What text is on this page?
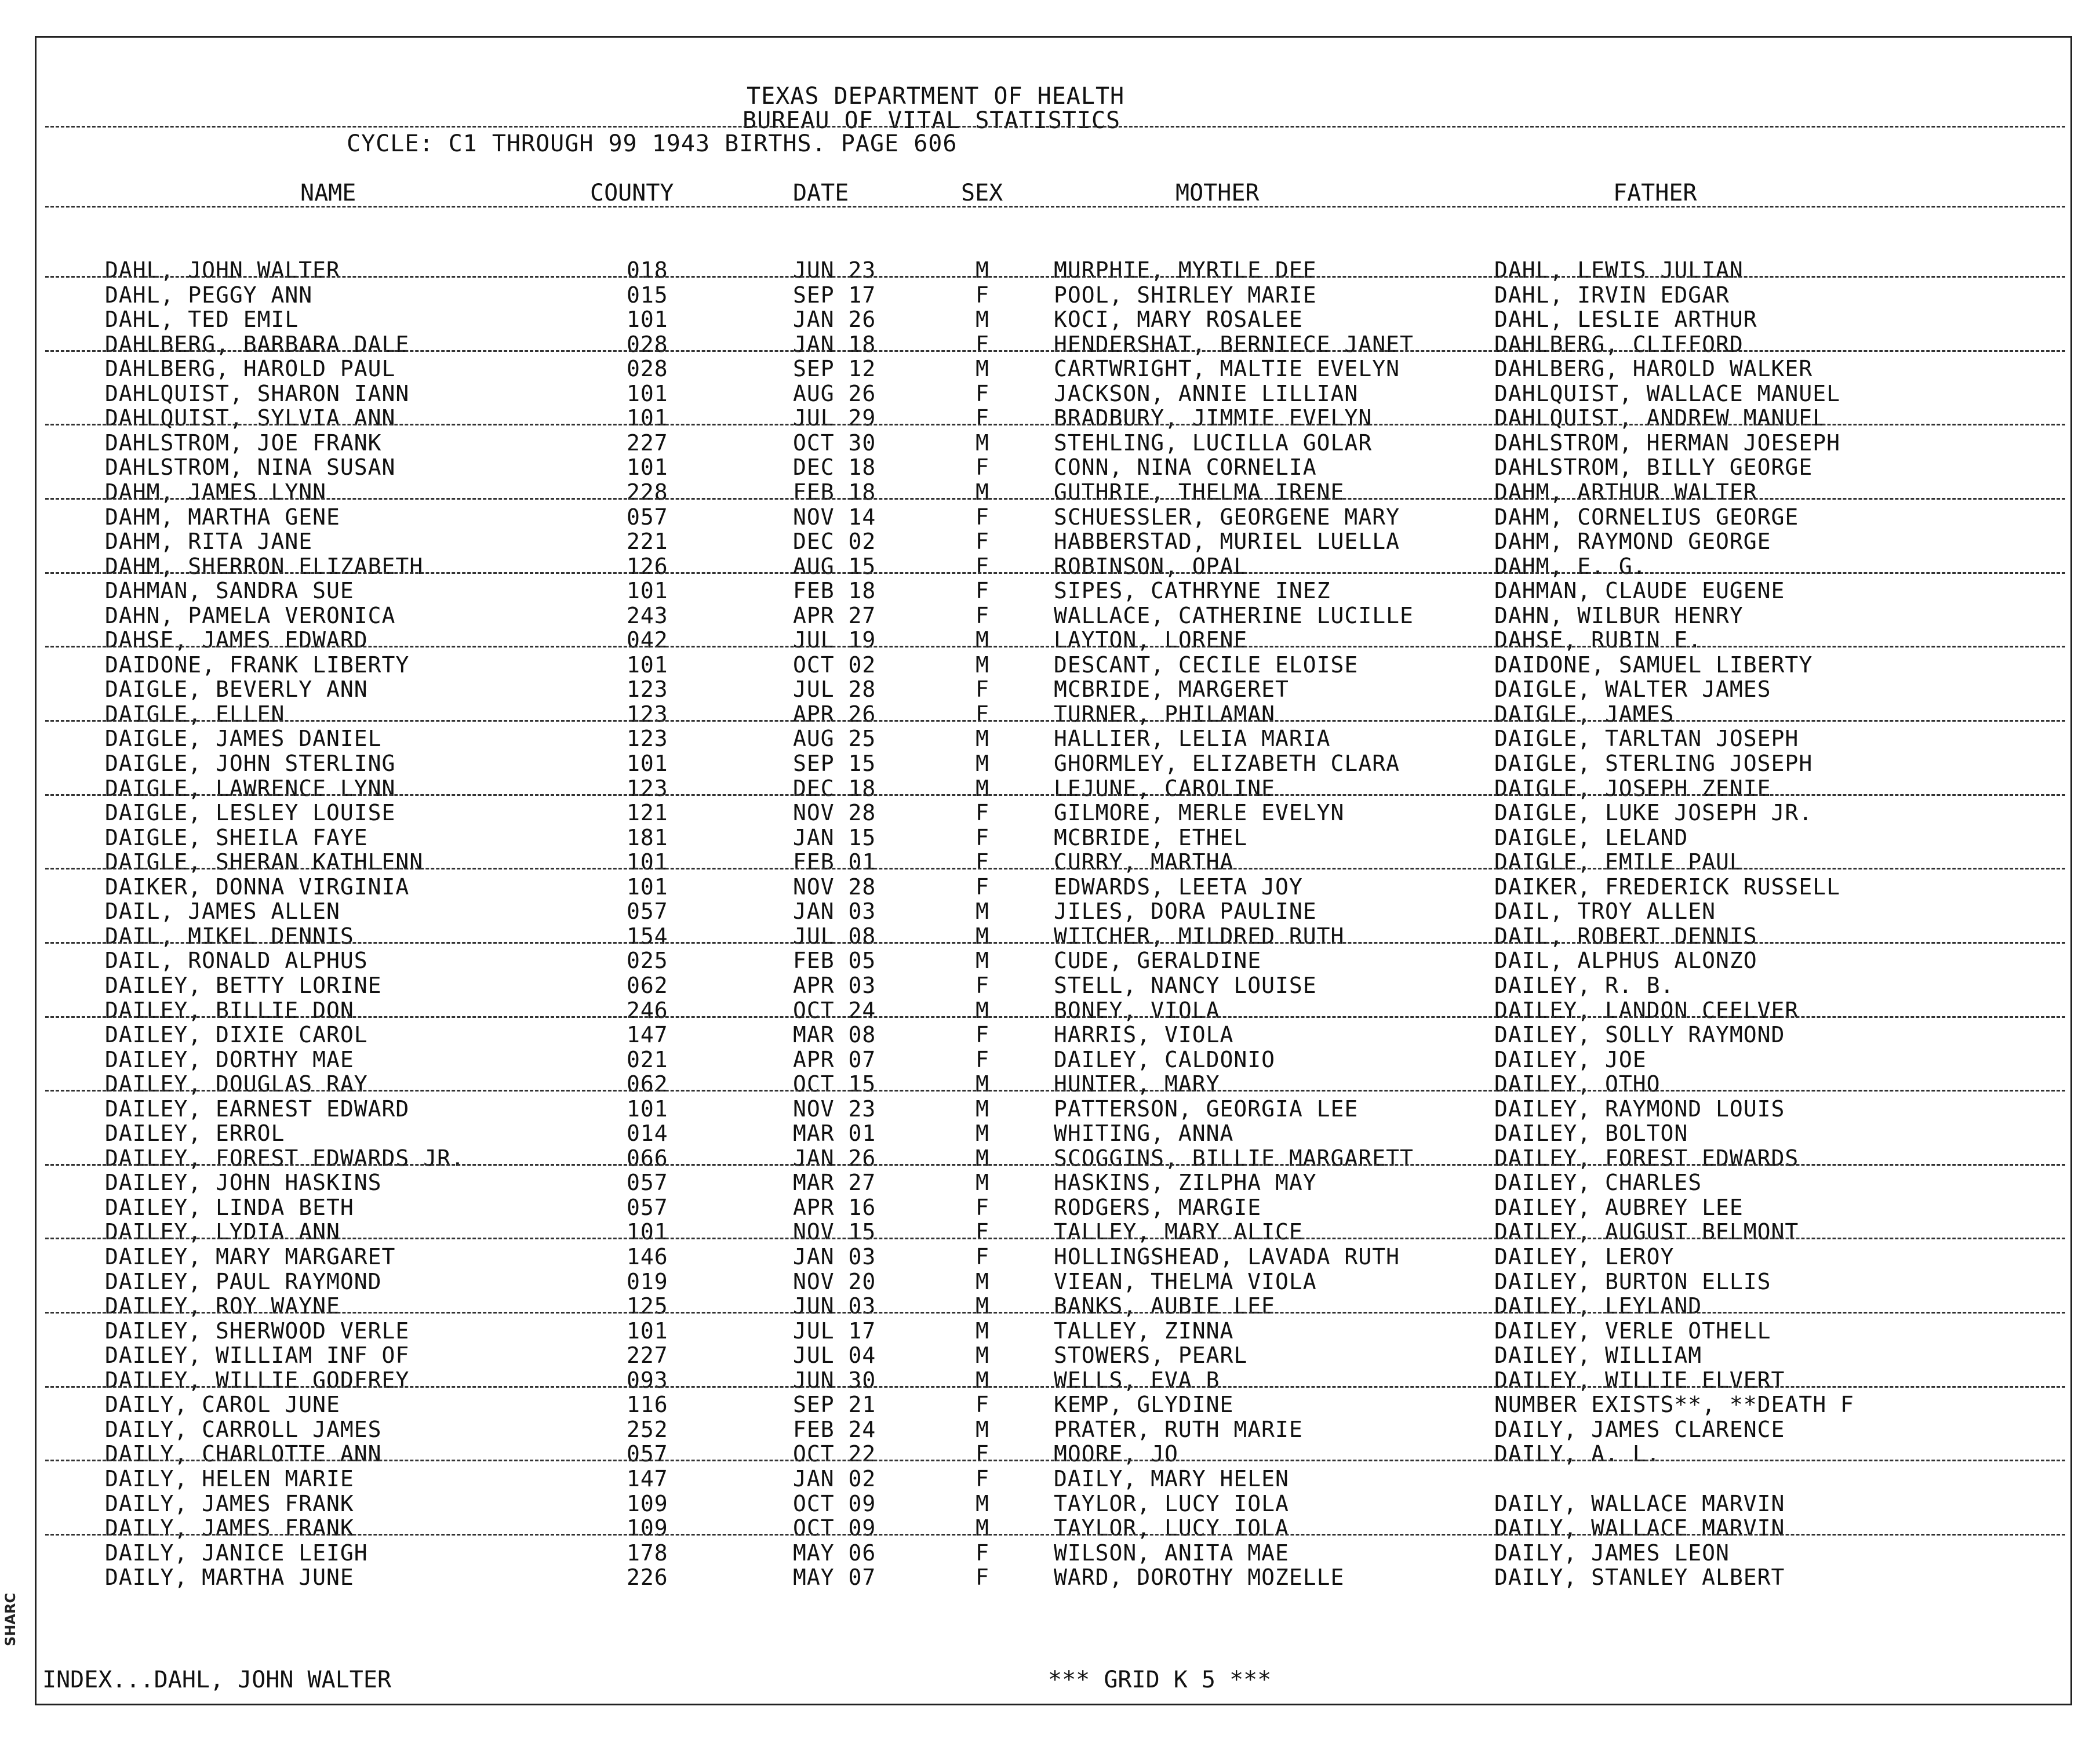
TEXAS DEPARTMENT OF HEALTH
BUREAU OF VITAL STATISTICS
CYCLE: C1 THROUGH 99 1943 BIRTHS. PAGE 606
NAME	COUNTY	DATE	SEX	MOTHER	FATHER
DAHL, JOHN WALTER	018	JUN 23	M	MURPHIE, MYRTLE DEE	DAHL, LEWIS JULIAN
DAHL, PEGGY ANN	015	SEP 17	F	POOL, SHIRLEY MARIE	DAHL, IRVIN EDGAR
DAHL, TED EMIL	101	JAN 26	M	KOCI, MARY ROSALEE	DAHL, LESLIE ARTHUR
DAHLBERG, BARBARA DALE	028	JAN 18	F	HENDERSHAT, BERNIECE JANET	DAHLBERG, CLIFFORD
DAHLBERG, HAROLD PAUL	028	SEP 12	M	CARTWRIGHT, MALTIE EVELYN	DAHLBERG, HAROLD WALKER
DAHLQUIST, SHARON IANN	101	AUG 26	F	JACKSON, ANNIE LILLIAN	DAHLQUIST, WALLACE MANUEL
DAHLQUIST, SYLVIA ANN	101	JUL 29	F	BRADBURY, JIMMIE EVELYN	DAHLQUIST, ANDREW MANUEL
DAHLSTROM, JOE FRANK	227	OCT 30	M	STEHLING, LUCILLA GOLAR	DAHLSTROM, HERMAN JOESEPH
DAHLSTROM, NINA SUSAN	101	DEC 18	F	CONN, NINA CORNELIA	DAHLSTROM, BILLY GEORGE
DAHM, JAMES LYNN	228	FEB 18	M	GUTHRIE, THELMA IRENE	DAHM, ARTHUR WALTER
DAHM, MARTHA GENE	057	NOV 14	F	SCHUESSLER, GEORGENE MARY	DAHM, CORNELIUS GEORGE
DAHM, RITA JANE	221	DEC 02	F	HABBERSTAD, MURIEL LUELLA	DAHM, RAYMOND GEORGE
DAHM, SHERRON ELIZABETH	126	AUG 15	F	ROBINSON, OPAL	DAHM, E. G.
DAHMAN, SANDRA SUE	101	FEB 18	F	SIPES, CATHRYNE INEZ	DAHMAN, CLAUDE EUGENE
DAHN, PAMELA VERONICA	243	APR 27	F	WALLACE, CATHERINE LUCILLE	DAHN, WILBUR HENRY
DAHSE, JAMES EDWARD	042	JUL 19	M	LAYTON, LORENE	DAHSE, RUBIN E.
DAIDONE, FRANK LIBERTY	101	OCT 02	M	DESCANT, CECILE ELOISE	DAIDONE, SAMUEL LIBERTY
DAIGLE, BEVERLY ANN	123	JUL 28	F	MCBRIDE, MARGERET	DAIGLE, WALTER JAMES
DAIGLE, ELLEN	123	APR 26	F	TURNER, PHILAMAN	DAIGLE, JAMES
DAIGLE, JAMES DANIEL	123	AUG 25	M	HALLIER, LELIA MARIA	DAIGLE, TARLTAN JOSEPH
DAIGLE, JOHN STERLING	101	SEP 15	M	GHORMLEY, ELIZABETH CLARA	DAIGLE, STERLING JOSEPH
DAIGLE, LAWRENCE LYNN	123	DEC 18	M	LEJUNE, CAROLINE	DAIGLE, JOSEPH ZENIE
DAIGLE, LESLEY LOUISE	121	NOV 28	F	GILMORE, MERLE EVELYN	DAIGLE, LUKE JOSEPH JR.
DAIGLE, SHEILA FAYE	181	JAN 15	F	MCBRIDE, ETHEL	DAIGLE, LELAND
DAIGLE, SHERAN KATHLENN	101	FEB 01	F	CURRY, MARTHA	DAIGLE, EMILE PAUL
DAIKER, DONNA VIRGINIA	101	NOV 28	F	EDWARDS, LEETA JOY	DAIKER, FREDERICK RUSSELL
DAIL, JAMES ALLEN	057	JAN 03	M	JILES, DORA PAULINE	DAIL, TROY ALLEN
DAIL, MIKEL DENNIS	154	JUL 08	M	WITCHER, MILDRED RUTH	DAIL, ROBERT DENNIS
DAIL, RONALD ALPHUS	025	FEB 05	M	CUDE, GERALDINE	DAIL, ALPHUS ALONZO
DAILEY, BETTY LORINE	062	APR 03	F	STELL, NANCY LOUISE	DAILEY, R. B.
DAILEY, BILLIE DON	246	OCT 24	M	BONEY, VIOLA	DAILEY, LANDON CEELVER
DAILEY, DIXIE CAROL	147	MAR 08	F	HARRIS, VIOLA	DAILEY, SOLLY RAYMOND
DAILEY, DORTHY MAE	021	APR 07	F	DAILEY, CALDONIO	DAILEY, JOE
DAILEY, DOUGLAS RAY	062	OCT 15	M	HUNTER, MARY	DAILEY, OTHO
DAILEY, EARNEST EDWARD	101	NOV 23	M	PATTERSON, GEORGIA LEE	DAILEY, RAYMOND LOUIS
DAILEY, ERROL	014	MAR 01	M	WHITING, ANNA	DAILEY, BOLTON
DAILEY, FOREST EDWARDS JR.	066	JAN 26	M	SCOGGINS, BILLIE MARGARETT	DAILEY, FOREST EDWARDS
DAILEY, JOHN HASKINS	057	MAR 27	M	HASKINS, ZILPHA MAY	DAILEY, CHARLES
DAILEY, LINDA BETH	057	APR 16	F	RODGERS, MARGIE	DAILEY, AUBREY LEE
DAILEY, LYDIA ANN	101	NOV 15	F	TALLEY, MARY ALICE	DAILEY, AUGUST BELMONT
DAILEY, MARY MARGARET	146	JAN 03	F	HOLLINGSHEAD, LAVADA RUTH	DAILEY, LEROY
DAILEY, PAUL RAYMOND	019	NOV 20	M	VIEAN, THELMA VIOLA	DAILEY, BURTON ELLIS
DAILEY, ROY WAYNE	125	JUN 03	M	BANKS, AUBIE LEE	DAILEY, LEYLAND
DAILEY, SHERWOOD VERLE	101	JUL 17	M	TALLEY, ZINNA	DAILEY, VERLE OTHELL
DAILEY, WILLIAM INF OF	227	JUL 04	M	STOWERS, PEARL	DAILEY, WILLIAM
DAILEY, WILLIE GODFREY	093	JUN 30	M	WELLS, EVA B	DAILEY, WILLIE ELVERT
DAILY, CAROL JUNE	116	SEP 21	F	KEMP, GLYDINE	NUMBER EXISTS**, **DEATH F
DAILY, CARROLL JAMES	252	FEB 24	M	PRATER, RUTH MARIE	DAILY, JAMES CLARENCE
DAILY, CHARLOTTE ANN	057	OCT 22	F	MOORE, JO	DAILY, A. L.
DAILY, HELEN MARIE	147	JAN 02	F	DAILY, MARY HELEN
DAILY, JAMES FRANK	109	OCT 09	M	TAYLOR, LUCY IOLA	DAILY, WALLACE MARVIN
DAILY, JAMES FRANK	109	OCT 09	M	TAYLOR, LUCY IOLA	DAILY, WALLACE MARVIN
DAILY, JANICE LEIGH	178	MAY 06	F	WILSON, ANITA MAE	DAILY, JAMES LEON
DAILY, MARTHA JUNE	226	MAY 07	F	WARD, DOROTHY MOZELLE	DAILY, STANLEY ALBERT
INDEX...DAHL, JOHN WALTER	*** GRID K 5 ***
SHARC
